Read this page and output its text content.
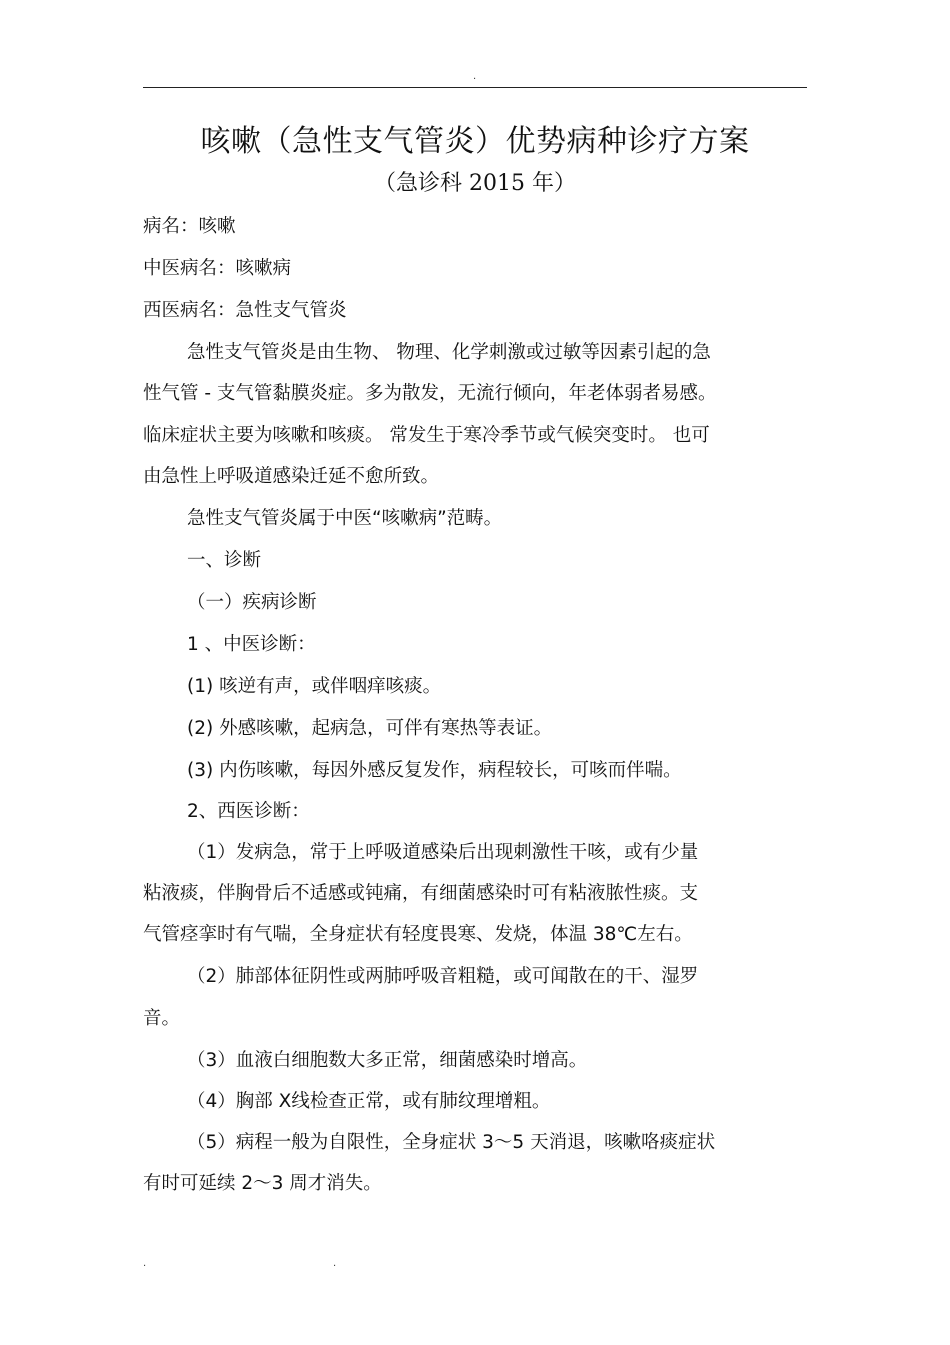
.
咳嗽（急性支气管炎）优势病种诊疗方案
（急诊科 2015 年）
病名：咳嗽
中医病名：咳嗽病
西医病名：急性支气管炎
急性支气管炎是由生物、 物理、化学刺激或过敏等因素引起的急
性气管 - 支气管黏膜炎症。多为散发，无流行倾向，年老体弱者易感。
临床症状主要为咳嗽和咳痰。 常发生于寒冷季节或气候突变时。 也可
由急性上呼吸道感染迁延不愈所致。
急性支气管炎属于中医“咳嗽病”范畴。
一、诊断
（一）疾病诊断
1 、中医诊断：
(1) 咳逆有声，或伴咽痒咳痰。
(2) 外感咳嗽，起病急，可伴有寒热等表证。
(3) 内伤咳嗽，每因外感反复发作，病程较长，可咳而伴喘。
2、西医诊断：
（1）发病急，常于上呼吸道感染后出现刺激性干咳，或有少量
粘液痰，伴胸骨后不适感或钝痛，有细菌感染时可有粘液脓性痰。支
气管痉挛时有气喘，全身症状有轻度畏寒、发烧，体温 38℃左右。
（2）肺部体征阴性或两肺呼吸音粗糙，或可闻散在的干、湿罗
音。
（3）血液白细胞数大多正常，细菌感染时增高。
（4）胸部 X线检查正常，或有肺纹理增粗。
（5）病程一般为自限性，全身症状 3～5 天消退，咳嗽咯痰症状
有时可延续 2～3 周才消失。
.	.
